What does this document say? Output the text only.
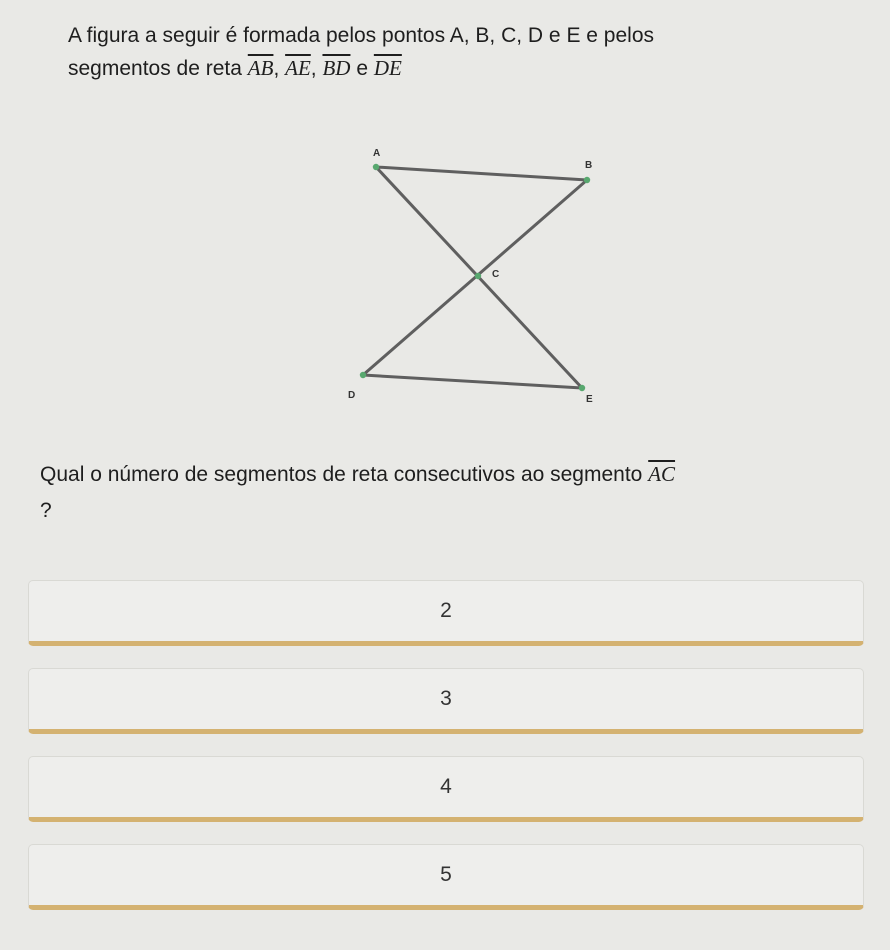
A figura a seguir é formada pelos pontos A, B, C, D e E e pelos
segmentos de reta $\overline{AB}$, $\overline{AE}$, $\overline{BD}$ e $\overline{DE}$
A
B
C
D	E
Qual o número de segmentos de reta consecutivos ao segmento $\overline{AC}$
?
2
3
4
5
